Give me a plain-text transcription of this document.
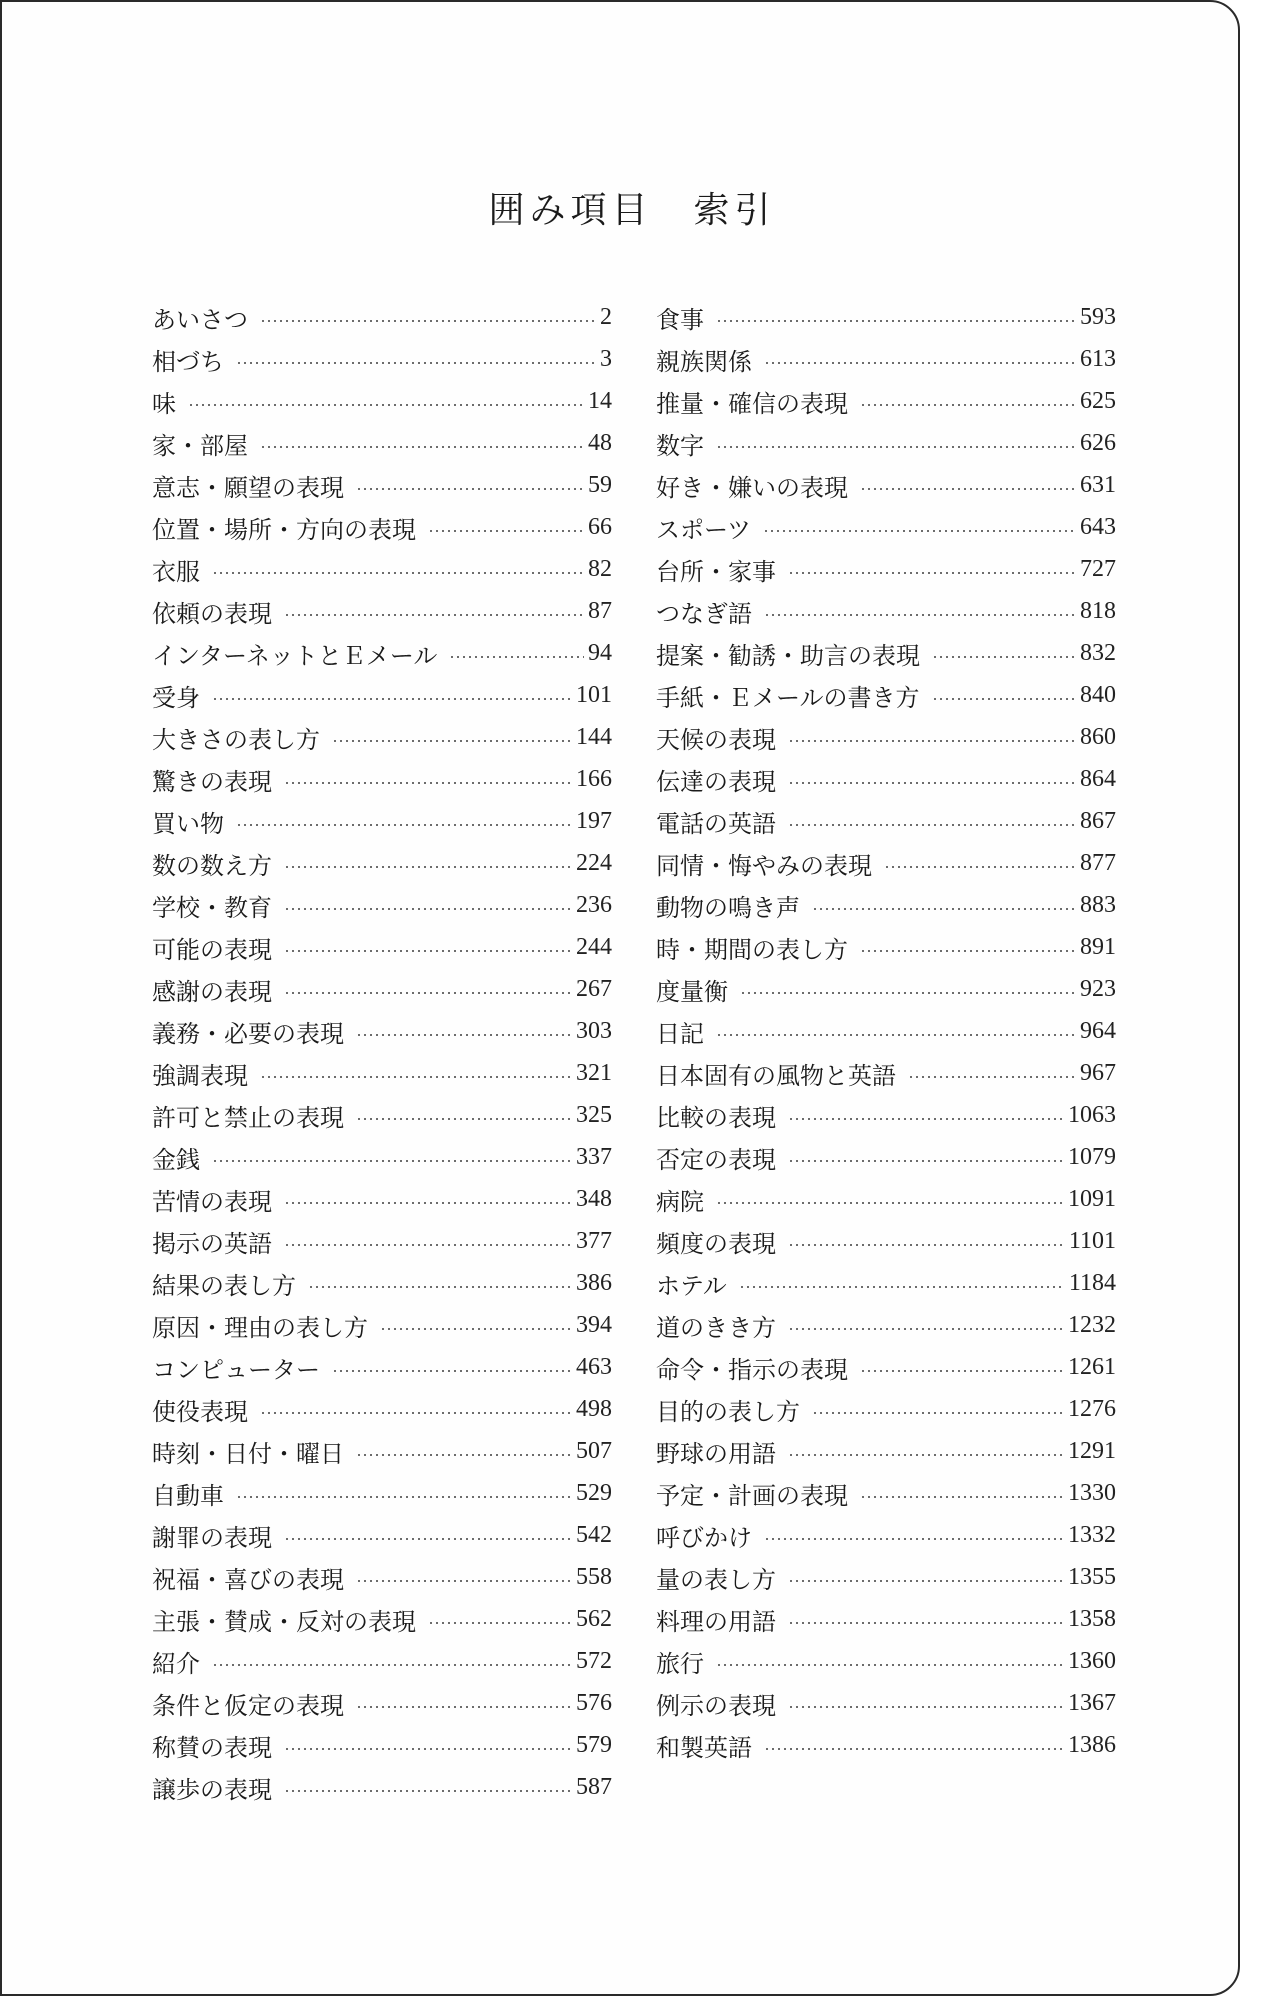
囲み項目　索引
あいさつ	2
相づち	3
味	14
家・部屋	48
意志・願望の表現	59
位置・場所・方向の表現	66
衣服	82
依頼の表現	87
インターネットとＥメール	94
受身	101
大きさの表し方	144
驚きの表現	166
買い物	197
数の数え方	224
学校・教育	236
可能の表現	244
感謝の表現	267
義務・必要の表現	303
強調表現	321
許可と禁止の表現	325
金銭	337
苦情の表現	348
掲示の英語	377
結果の表し方	386
原因・理由の表し方	394
コンピューター	463
使役表現	498
時刻・日付・曜日	507
自動車	529
謝罪の表現	542
祝福・喜びの表現	558
主張・賛成・反対の表現	562
紹介	572
条件と仮定の表現	576
称賛の表現	579
譲歩の表現	587
食事	593
親族関係	613
推量・確信の表現	625
数字	626
好き・嫌いの表現	631
スポーツ	643
台所・家事	727
つなぎ語	818
提案・勧誘・助言の表現	832
手紙・Ｅメールの書き方	840
天候の表現	860
伝達の表現	864
電話の英語	867
同情・悔やみの表現	877
動物の鳴き声	883
時・期間の表し方	891
度量衡	923
日記	964
日本固有の風物と英語	967
比較の表現	1063
否定の表現	1079
病院	1091
頻度の表現	1101
ホテル	1184
道のきき方	1232
命令・指示の表現	1261
目的の表し方	1276
野球の用語	1291
予定・計画の表現	1330
呼びかけ	1332
量の表し方	1355
料理の用語	1358
旅行	1360
例示の表現	1367
和製英語	1386
